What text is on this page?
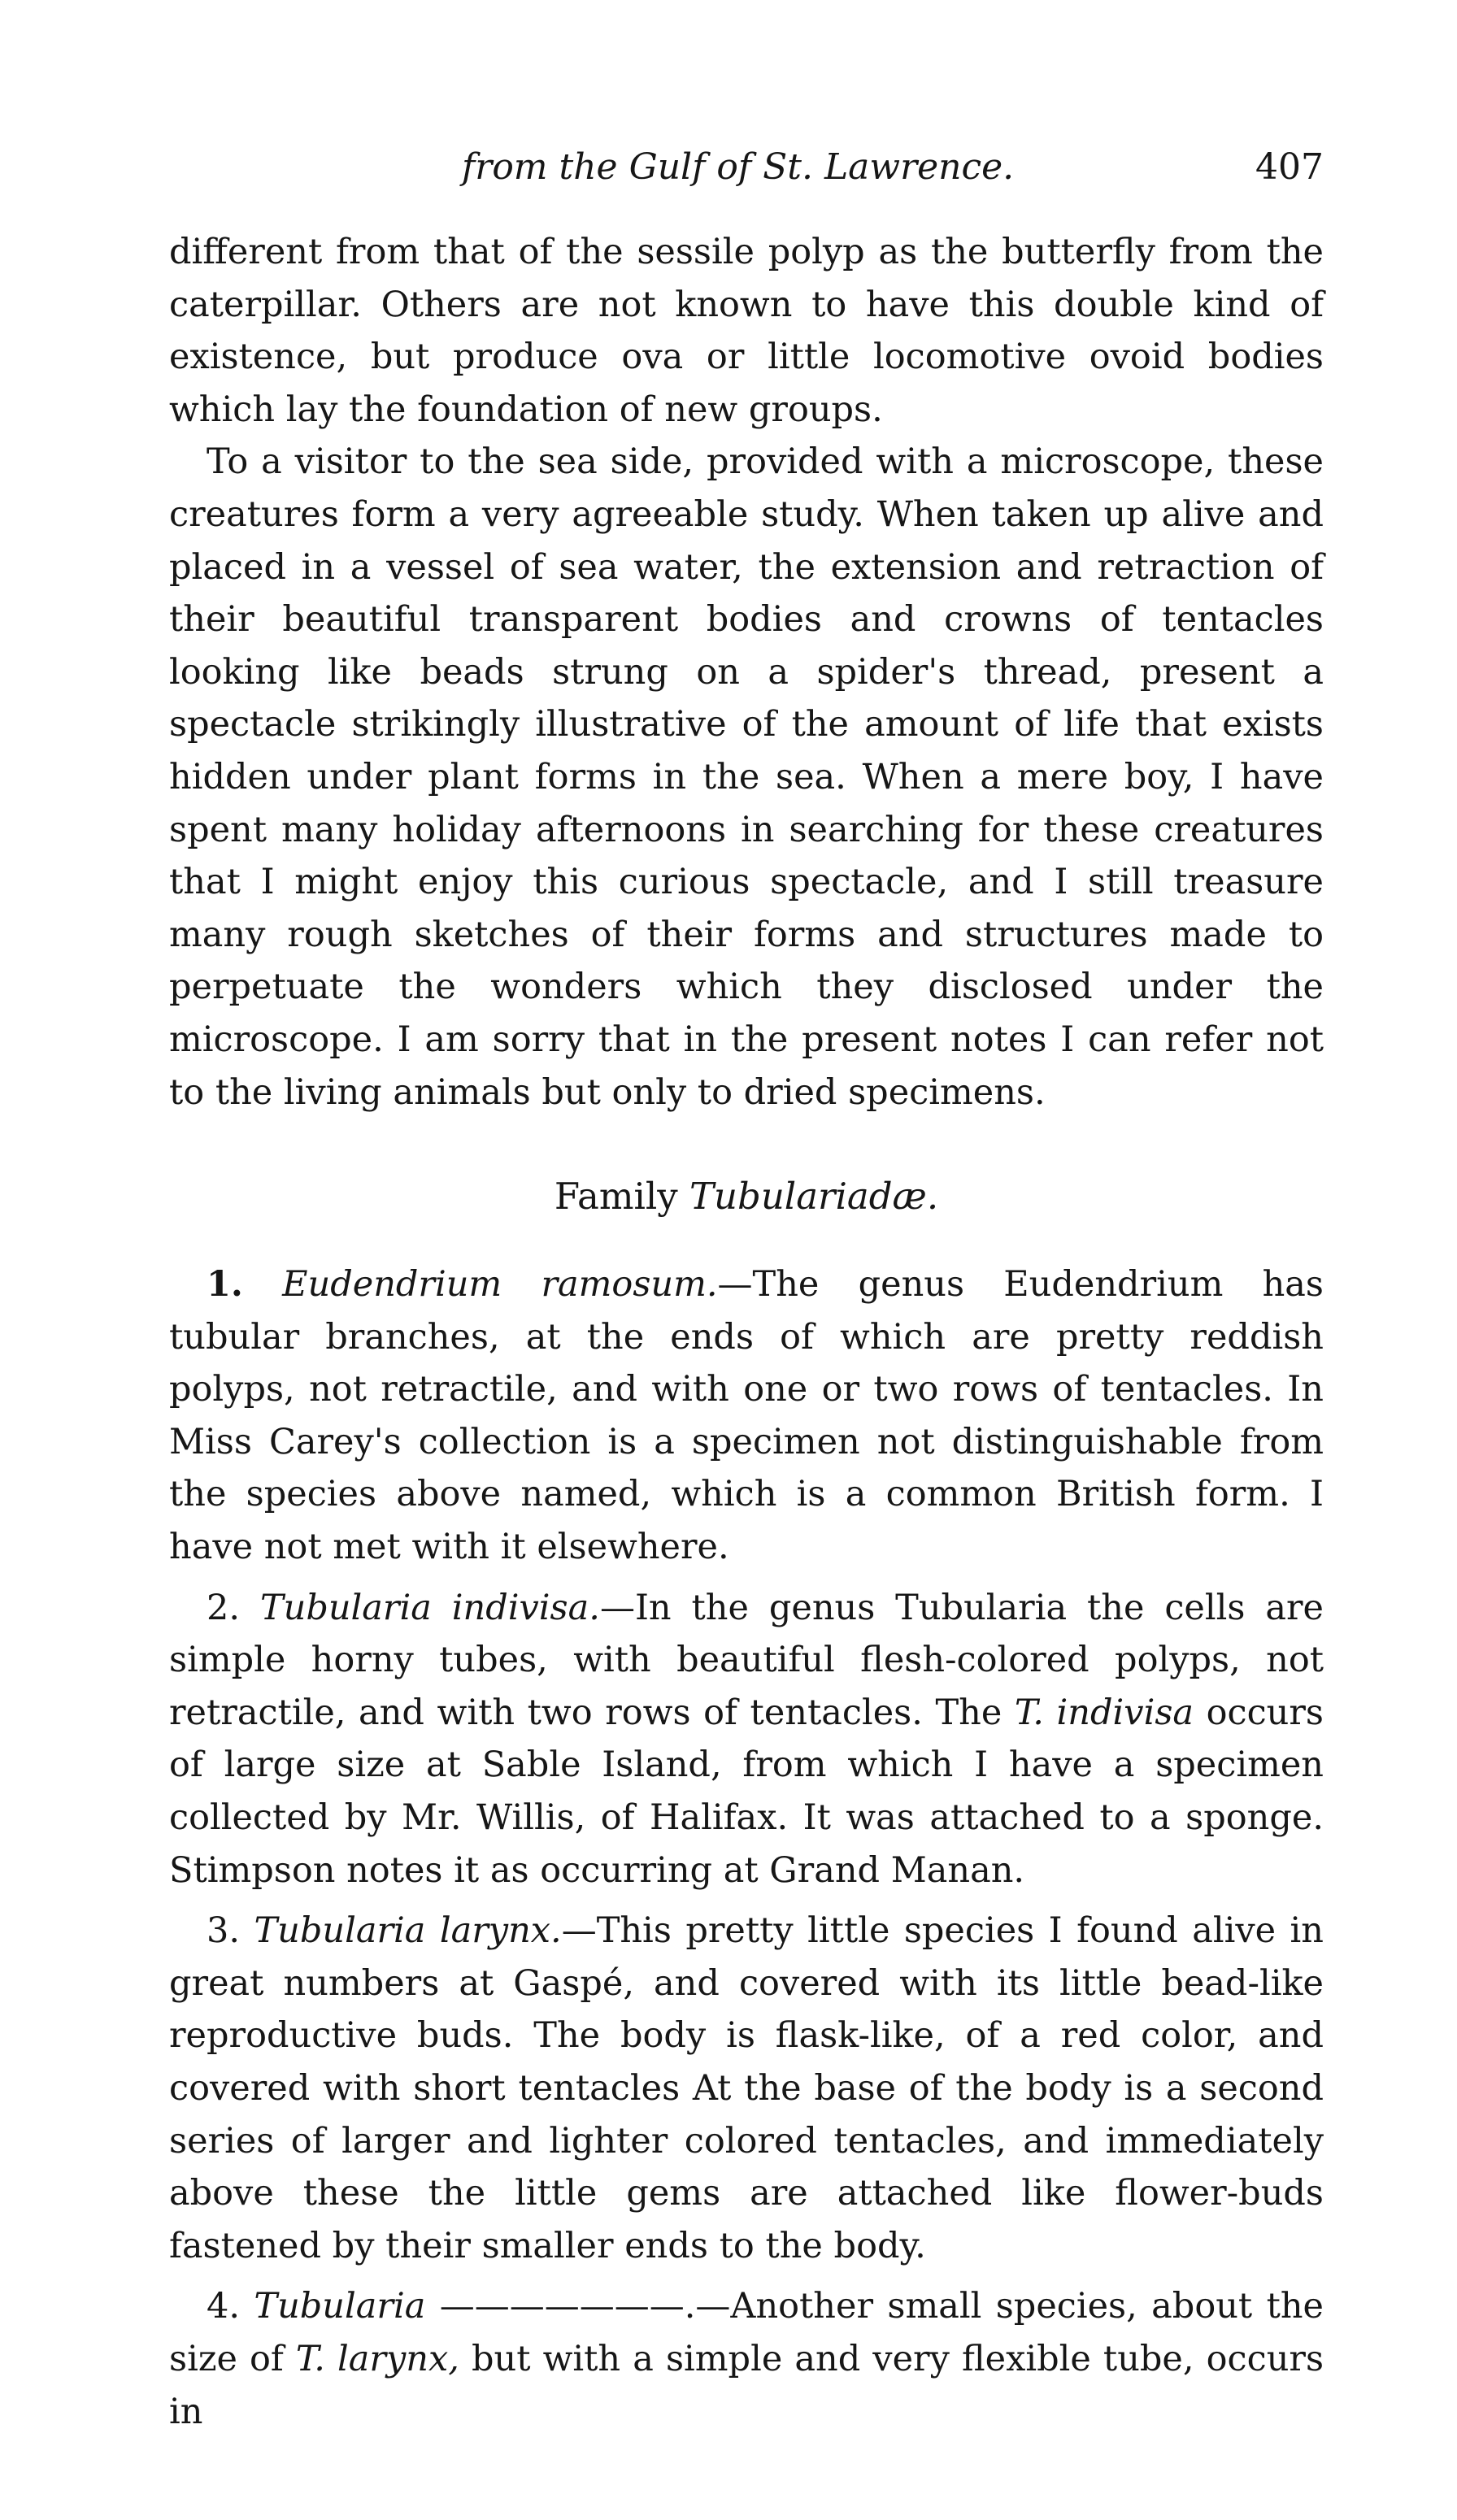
from the Gulf of St. Lawrence.	407

different from that of the sessile polyp as the butterfly from the caterpillar. Others are not known to have this double kind of existence, but produce ova or little locomotive ovoid bodies which lay the foundation of new groups.

To a visitor to the sea side, provided with a microscope, these creatures form a very agreeable study. When taken up alive and placed in a vessel of sea water, the extension and retraction of their beautiful transparent bodies and crowns of tentacles looking like beads strung on a spider's thread, present a spectacle strikingly illustrative of the amount of life that exists hidden under plant forms in the sea. When a mere boy, I have spent many holiday afternoons in searching for these creatures that I might enjoy this curious spectacle, and I still treasure many rough sketches of their forms and structures made to perpetuate the wonders which they disclosed under the microscope. I am sorry that in the present notes I can refer not to the living animals but only to dried specimens.

Family Tubulariadæ.

1. Eudendrium ramosum.—The genus Eudendrium has tubular branches, at the ends of which are pretty reddish polyps, not retractile, and with one or two rows of tentacles. In Miss Carey's collection is a specimen not distinguishable from the species above named, which is a common British form. I have not met with it elsewhere.

2. Tubularia indivisa.—In the genus Tubularia the cells are simple horny tubes, with beautiful flesh-colored polyps, not retractile, and with two rows of tentacles. The T. indivisa occurs of large size at Sable Island, from which I have a specimen collected by Mr. Willis, of Halifax. It was attached to a sponge. Stimpson notes it as occurring at Grand Manan.

3. Tubularia larynx.—This pretty little species I found alive in great numbers at Gaspé, and covered with its little bead-like reproductive buds. The body is flask-like, of a red color, and covered with short tentacles At the base of the body is a second series of larger and lighter colored tentacles, and immediately above these the little gems are attached like flower-buds fastened by their smaller ends to the body.

4. Tubularia ———————.—Another small species, about the size of T. larynx, but with a simple and very flexible tube, occurs in
